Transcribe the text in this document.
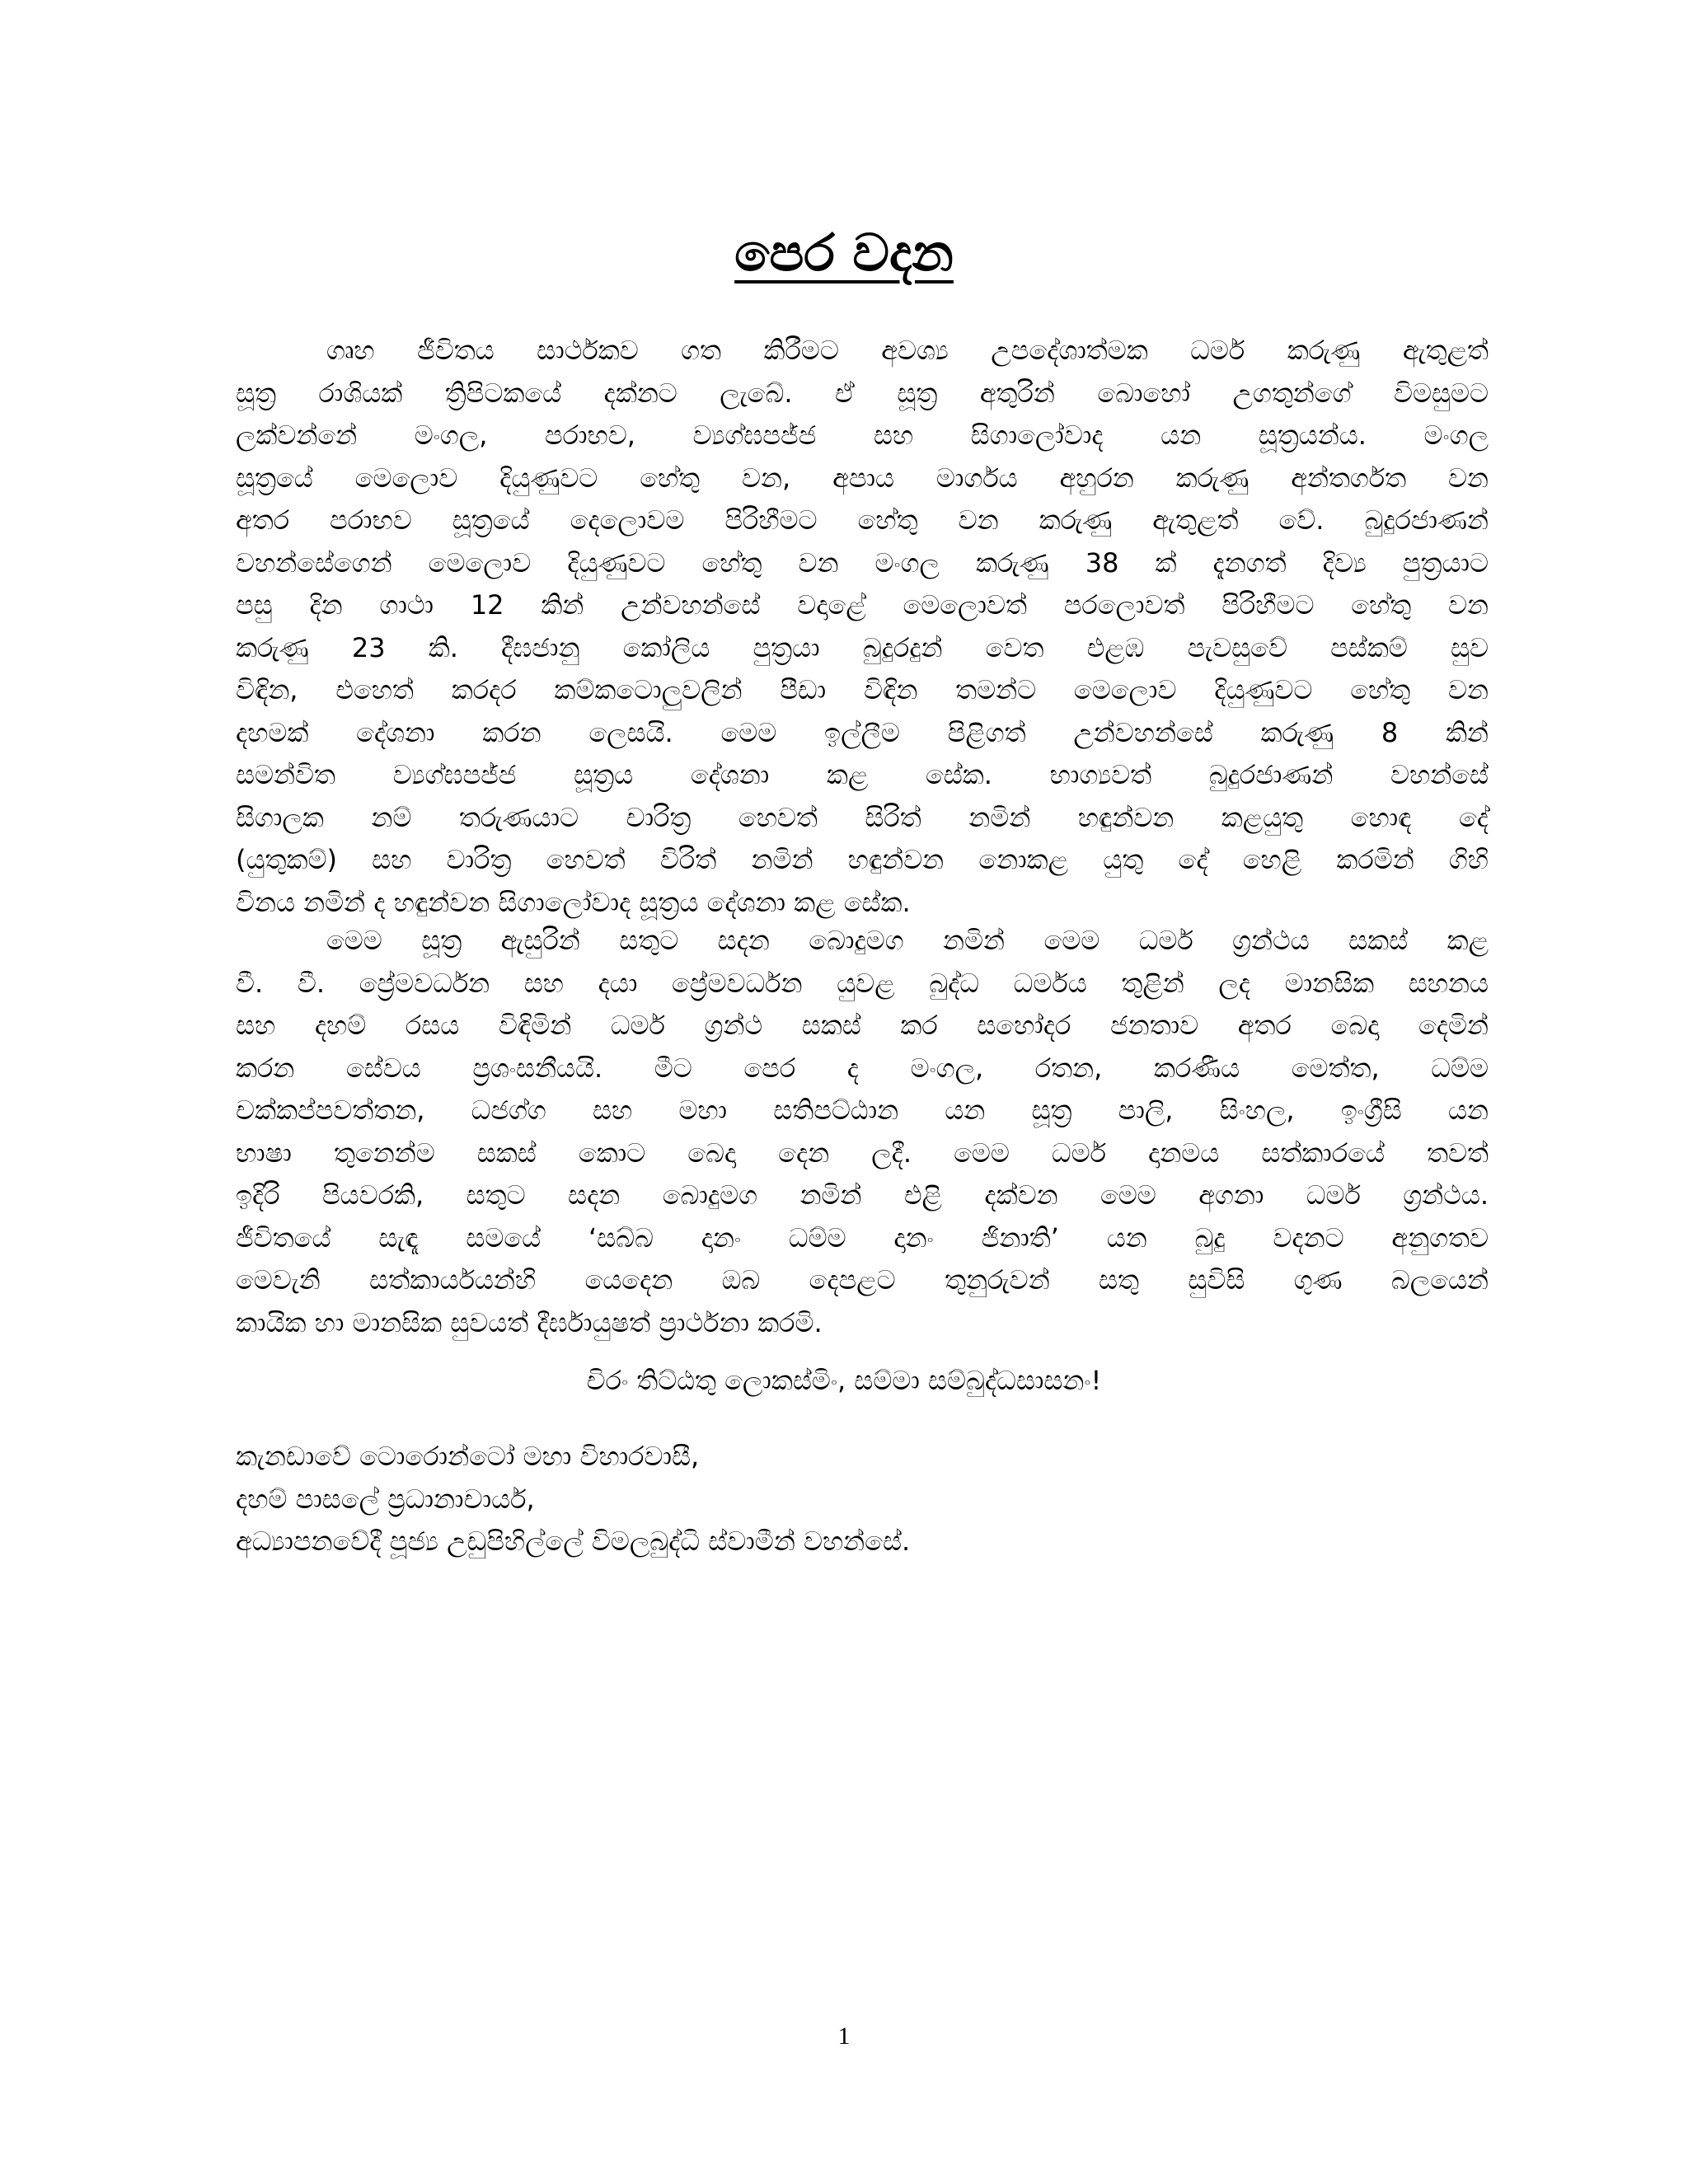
පෙර වදන
ගෘහ ජීවිතය සාර්ථකව ගත කිරීමට අවශ්‍ය උපදේශාත්මක ධර්ම කරුණු ඇතුළත්
සූත්‍ර රාශියක් ත්‍රිපිටකයේ දක්නට ලැබේ. ඒ සූත්‍ර අතුරින් බොහෝ උගතුන්ගේ විමසුමට
ලක්වන්නේ මංගල, පරාභව, ව්‍යග්ඝපජ්ජ සහ සිගාලෝවාද යන සූත්‍රයන්ය. මංගල
සූත්‍රයේ මෙලොව දියුණුවට හේතු වන, අපාය මාර්ගය අහුරන කරුණු අන්තර්ගත වන
අතර පරාභව සූත්‍රයේ දෙලොවම පිරිහීමට හේතු වන කරුණු ඇතුළත් වේ. බුදුරජාණන්
වහන්සේගෙන් මෙලොව දියුණුවට හේතු වන මංගල කරුණු 38 ක් දැනගත් දිව්‍ය පුත්‍රයාට
පසු දින ගාථා 12 කින් උන්වහන්සේ වදාළේ මෙලොවත් පරලොවත් පිරිහීමට හේතු වන
කරුණු 23 කි. දීඝජානු කෝලිය පුත්‍රයා බුදුරදුන් වෙත එළඹ පැවසුවේ පස්කම් සුව
විඳින, එහෙත් කරදර කම්කටොලුවලින් පීඩා විඳින තමන්ට මෙලොව දියුණුවට හේතු වන
දහමක් දේශනා කරන ලෙසයි. මෙම ඉල්ලීම පිළිගත් උන්වහන්සේ කරුණු 8 කින්
සමන්විත ව්‍යග්ඝපජ්ජ සූත්‍රය දේශනා කළ සේක. භාග්‍යවත් බුදුරජාණන් වහන්සේ
සිගාලක නම් තරුණයාට චාරිත්‍ර හෙවත් සිරිත් නමින් හඳුන්වන කළයුතු හොඳ දේ
(යුතුකම්) සහ වාරිත්‍ර හෙවත් විරිත් නමින් හඳුන්වන නොකළ යුතු දේ හෙළි කරමින් ගිහි
විනය නමින් ද හඳුන්වන සිගාලෝවාද සූත්‍රය දේශනා කළ සේක.
මෙම සූත්‍ර ඇසුරින් සතුට සදන බොදුමග නමින් මෙම ධර්ම ග්‍රන්ථය සකස් කළ
වී. වී. ප්‍රේමවර්ධන සහ දයා ප්‍රේමවර්ධන යුවළ බුද්ධ ධර්මය තුළින් ලද මානසික සහනය
සහ දහම් රසය විඳිමින් ධර්ම ග්‍රන්ථ සකස් කර සහෝදර ජනතාව අතර බෙදා දෙමින්
කරන සේවය ප්‍රශංසනීයයි. මීට පෙර ද මංගල, රතන, කරණීය මෙත්ත, ධම්ම
චක්කප්පවත්තන, ධජග්ග සහ මහා සතිපට්ඨාන යන සූත්‍ර පාලි, සිංහල, ඉංග්‍රීසි යන
භාෂා තුනෙන්ම සකස් කොට බෙදා දෙන ලදී. මෙම ධර්ම දානමය සත්කාරයේ තවත්
ඉදිරි පියවරකි, සතුට සදන බොදුමග නමින් එළි දක්වන මෙම අගනා ධර්ම ග්‍රන්ථය.
ජීවිතයේ සැඳෑ සමයේ ‘සබ්බ දානං ධම්ම දානං ජිනාති’ යන බුදු වදනට අනුගතව
මෙවැනි සත්කාර්යයන්හි යෙදෙන ඔබ දෙපළට තුනුරුවන් සතු සුවිසි ගුණ බලයෙන්
කායික හා මානසික සුවයත් දීර්ඝායුෂත් ප්‍රාර්ථනා කරමි.
චිරං තිට්ඨතු ලොකස්මිං, සම්මා සම්බුද්ධසාසනං!
කැනඩාවේ ටොරොන්ටෝ මහා විහාරවාසී,
දහම් පාසලේ ප්‍රධානාචාර්ය,
අධ්‍යාපනවේදී පූජ්‍ය උඩුපිහිල්ලේ විමලබුද්ධි ස්වාමීන් වහන්සේ.
1
